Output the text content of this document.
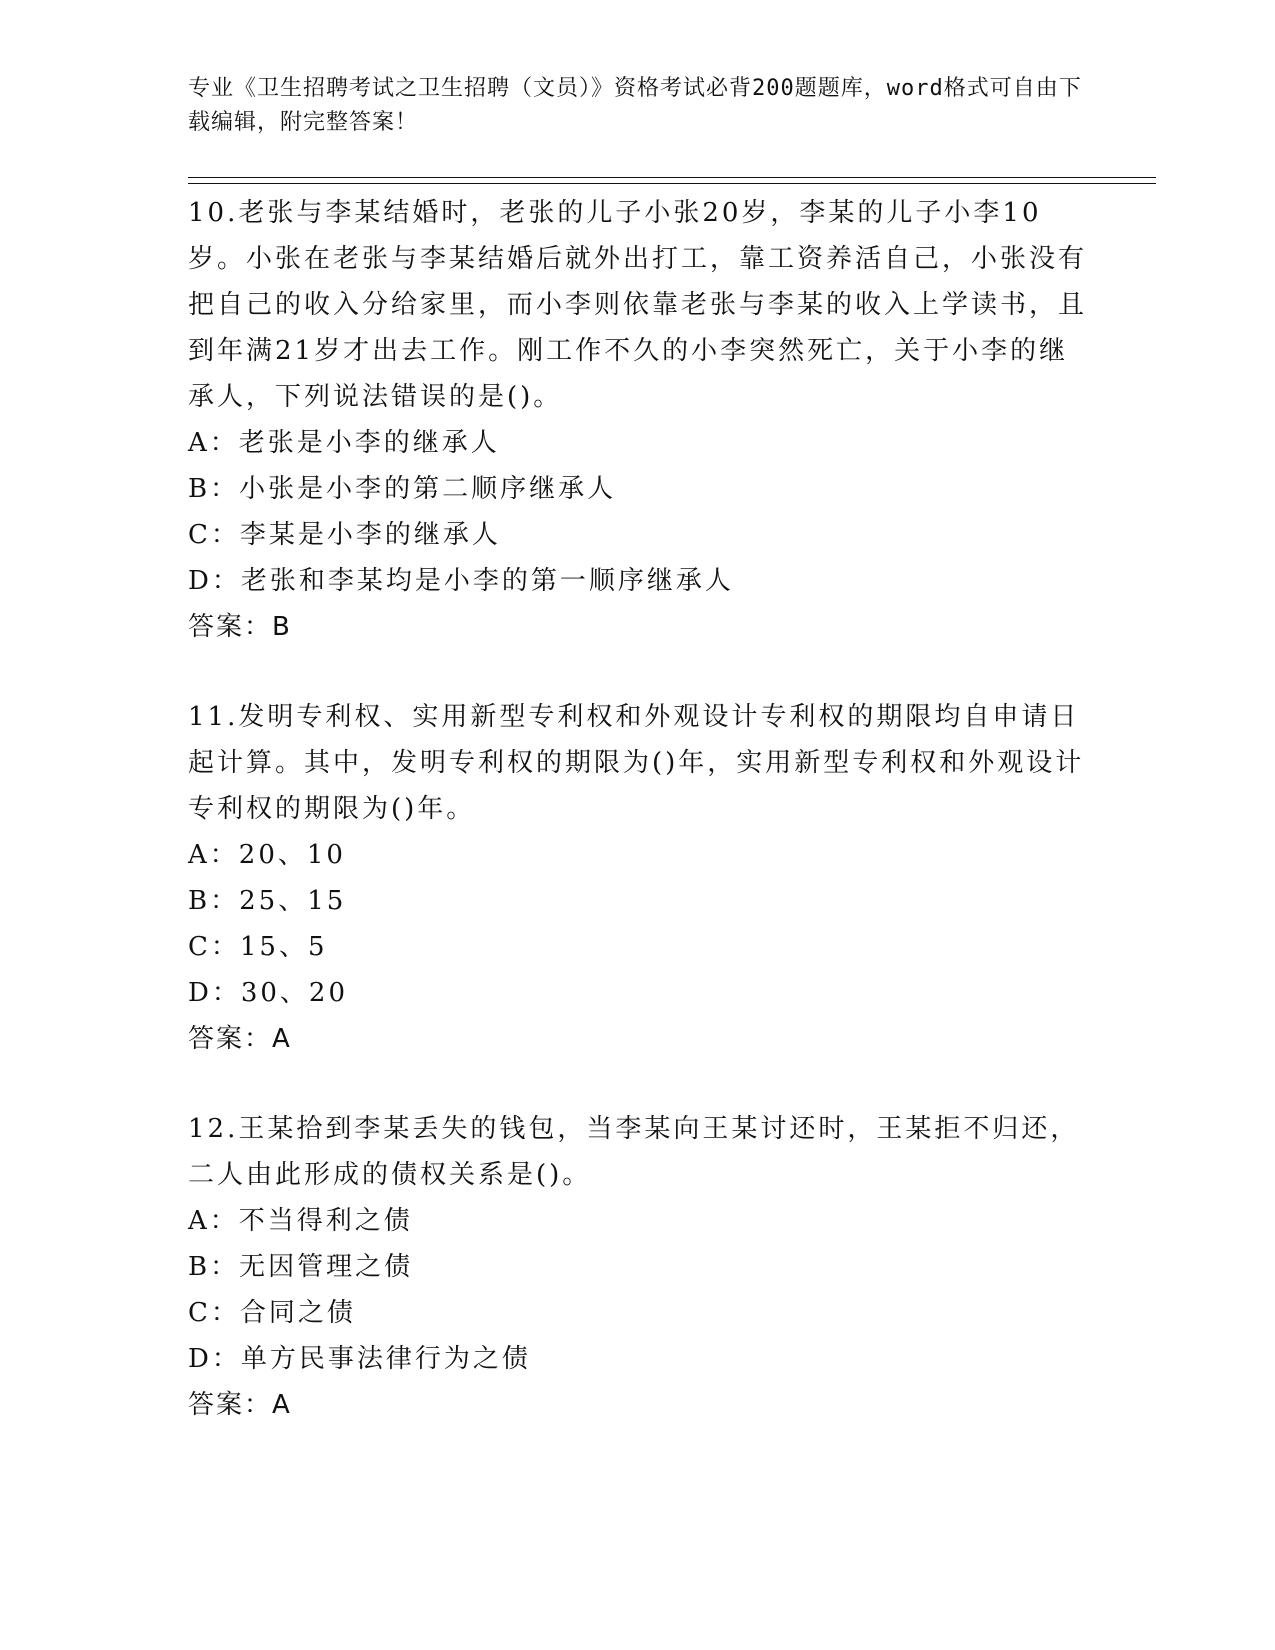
专业《卫生招聘考试之卫生招聘（文员）》资格考试必背200题题库，word格式可自由下载编辑，附完整答案！

10.老张与李某结婚时，老张的儿子小张20岁，李某的儿子小李10岁。小张在老张与李某结婚后就外出打工，靠工资养活自己，小张没有把自己的收入分给家里，而小李则依靠老张与李某的收入上学读书，且到年满21岁才出去工作。刚工作不久的小李突然死亡，关于小李的继承人，下列说法错误的是()。

A：老张是小李的继承人

B：小张是小李的第二顺序继承人

C：李某是小李的继承人

D：老张和李某均是小李的第一顺序继承人

答案：B

11.发明专利权、实用新型专利权和外观设计专利权的期限均自申请日起计算。其中，发明专利权的期限为()年，实用新型专利权和外观设计专利权的期限为()年。

A：20、10

B：25、15

C：15、5

D：30、20

答案：A

12.王某拾到李某丢失的钱包，当李某向王某讨还时，王某拒不归还，二人由此形成的债权关系是()。

A：不当得利之债

B：无因管理之债

C：合同之债

D：单方民事法律行为之债

答案：A
